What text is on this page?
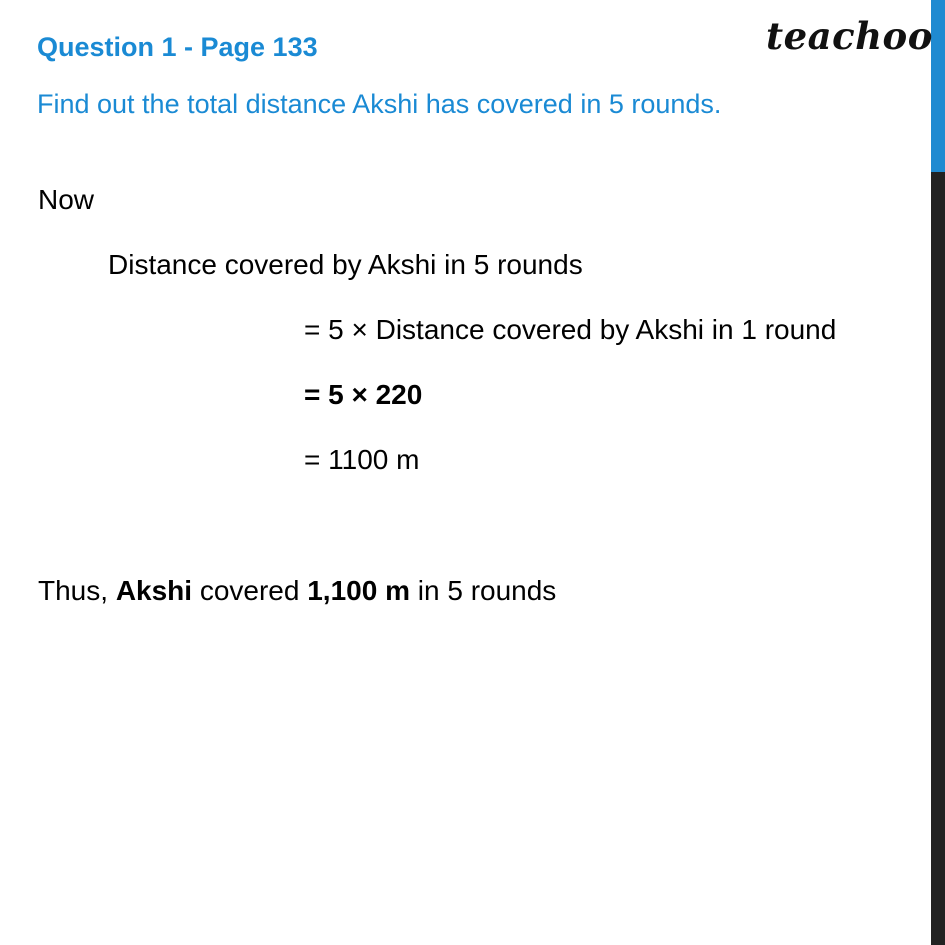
teachoo
Question 1 - Page 133
Find out the total distance Akshi has covered in 5 rounds.
Now
Distance covered by Akshi in 5 rounds
= 5 × Distance covered by Akshi in 1 round
= 5 × 220
= 1100 m
Thus, Akshi covered 1,100 m in 5 rounds
